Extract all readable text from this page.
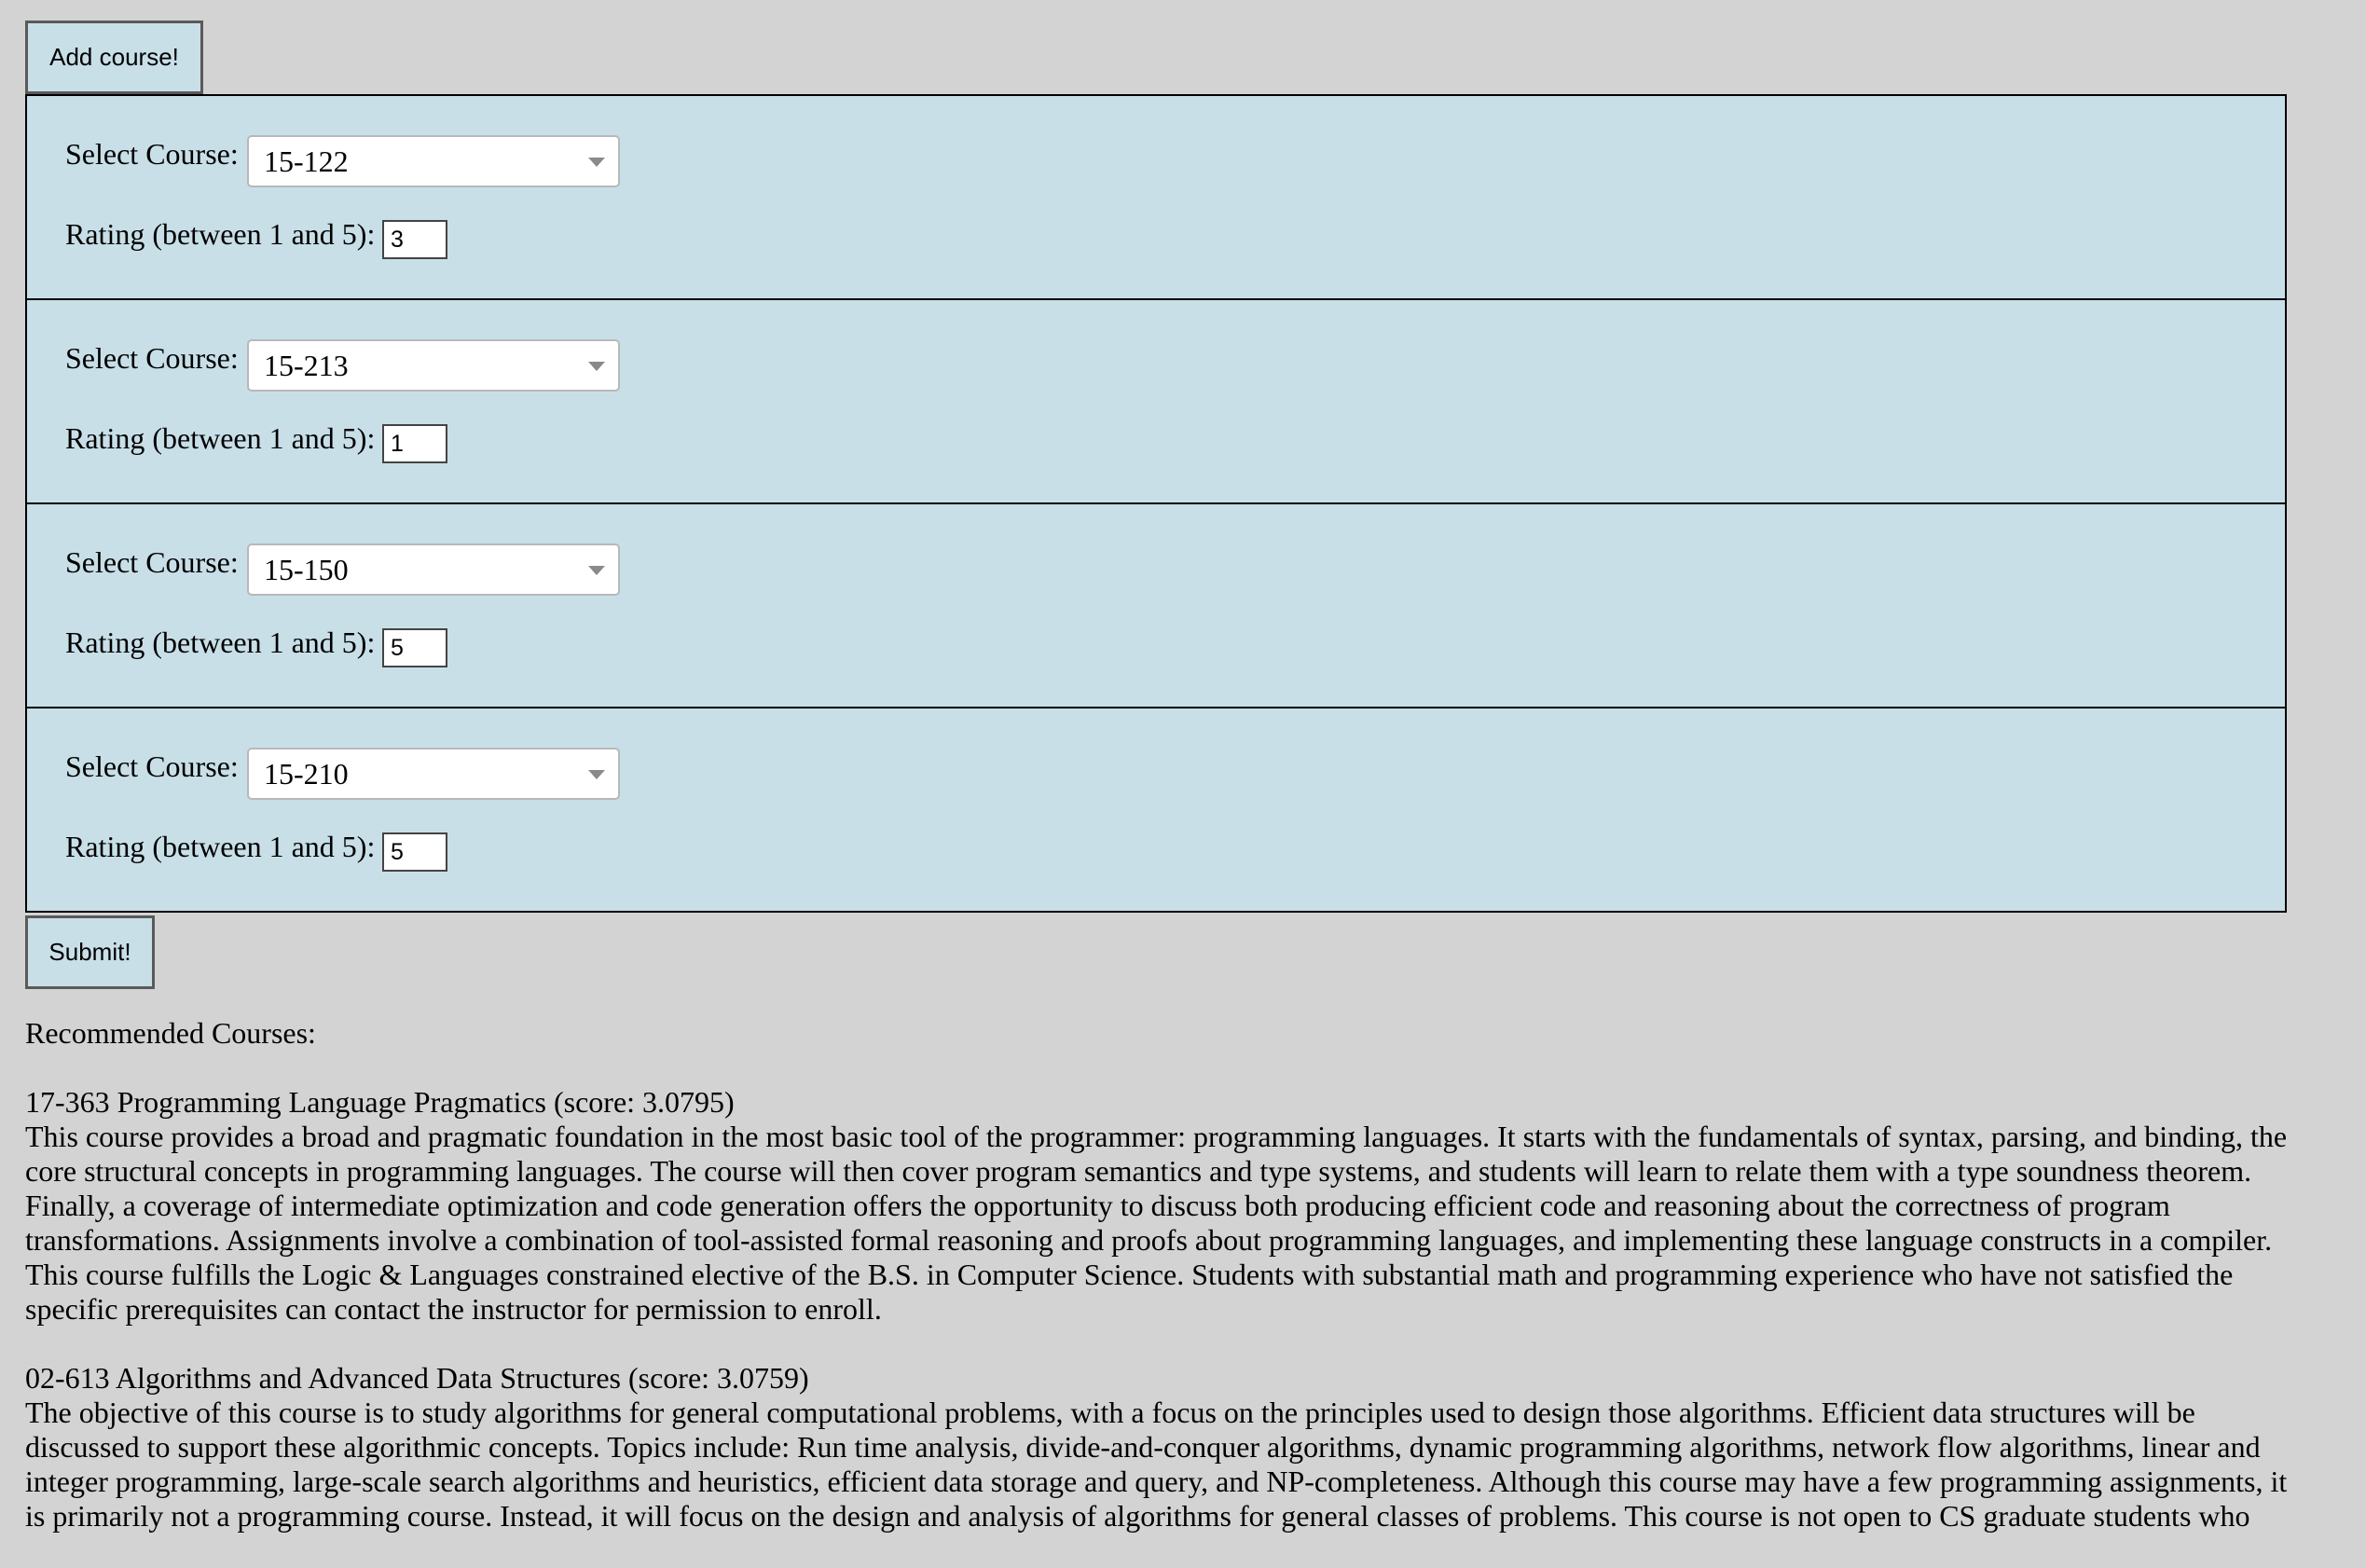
Add course!
Select Course: 15-122
Rating (between 1 and 5): 3
Select Course: 15-213
Rating (between 1 and 5): 1
Select Course: 15-150
Rating (between 1 and 5): 5
Select Course: 15-210
Rating (between 1 and 5): 5
Submit!
Recommended Courses:
17-363 Programming Language Pragmatics (score: 3.0795)
This course provides a broad and pragmatic foundation in the most basic tool of the programmer: programming languages. It starts with the fundamentals of syntax, parsing, and binding, the core structural concepts in programming languages. The course will then cover program semantics and type systems, and students will learn to relate them with a type soundness theorem. Finally, a coverage of intermediate optimization and code generation offers the opportunity to discuss both producing efficient code and reasoning about the correctness of program transformations. Assignments involve a combination of tool-assisted formal reasoning and proofs about programming languages, and implementing these language constructs in a compiler. This course fulfills the Logic & Languages constrained elective of the B.S. in Computer Science. Students with substantial math and programming experience who have not satisfied the specific prerequisites can contact the instructor for permission to enroll.
02-613 Algorithms and Advanced Data Structures (score: 3.0759)
The objective of this course is to study algorithms for general computational problems, with a focus on the principles used to design those algorithms. Efficient data structures will be discussed to support these algorithmic concepts. Topics include: Run time analysis, divide-and-conquer algorithms, dynamic programming algorithms, network flow algorithms, linear and integer programming, large-scale search algorithms and heuristics, efficient data storage and query, and NP-completeness. Although this course may have a few programming assignments, it is primarily not a programming course. Instead, it will focus on the design and analysis of algorithms for general classes of problems. This course is not open to CS graduate students who
